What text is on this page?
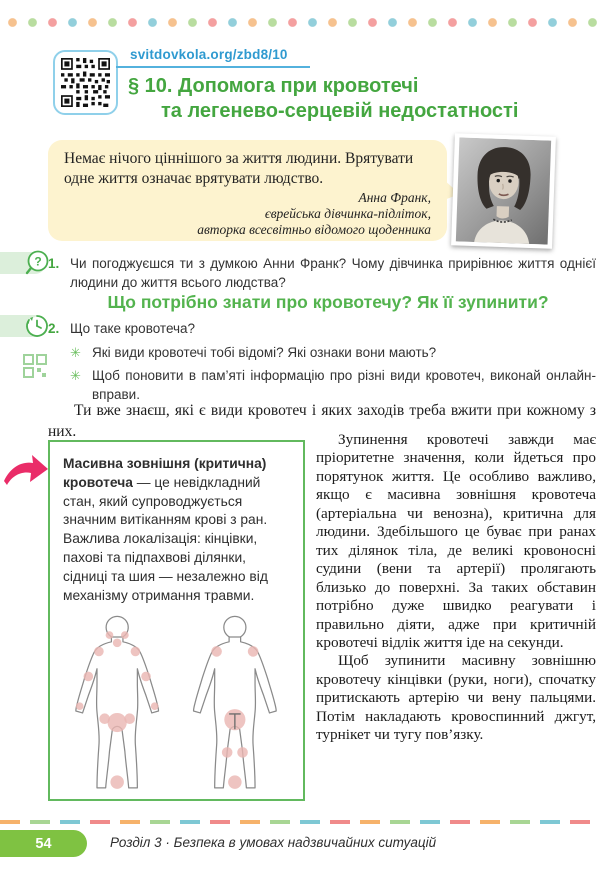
svitdovkola.org/zbd8/10
§ 10. Допомога при кровотечі
та легенево-серцевій недостатності
Немає нічого ціннішого за життя людини. Врятувати одне життя означає врятувати людство.
Анна Франк,
єврейська дівчинка-підліток,
авторка всесвітньо відомого щоденника
? 1. Чи погоджуєшся ти з думкою Анни Франк? Чому дівчинка прирівнює життя однієї людини до життя всього людства?
Що потрібно знати про кровотечу? Як її зупинити?
2. Що таке кровотеча?
✳ Які види кровотечі тобі відомі? Які ознаки вони мають?
✳ Щоб поновити в пам’яті інформацію про різні види кровотеч, виконай онлайн-вправи.
Ти вже знаєш, які є види кровотеч і яких заходів треба вжити при кожному з них.
Масивна зовнішня (критична) кровотеча — це невідкладний стан, який супроводжується значним витіканням крові з ран. Важлива локалізація: кінцівки, пахові та підпахвові ділянки, сідниці та шия — незалежно від механізму отримання травми.

Зупинення кровотечі завжди має пріоритетне значення, коли йдеться про порятунок життя. Це особливо важливо, якщо є масивна зовнішня кровотеча (артеріальна чи венозна), критична для людини. Здебільшого це буває при ранах тих ділянок тіла, де великі кровоносні судини (вени та артерії) пролягають близько до поверхні. За таких обставин потрібно дуже швидко реагувати і правильно діяти, адже при критичній кровотечі відлік життя іде на секунди.

Щоб зупинити масивну зовнішню кровотечу кінцівки (руки, ноги), спочатку притискають артерію чи вену пальцями. Потім накладають кровоспинний джгут, турнікет чи тугу пов’язку.

54	Розділ 3 · Безпека в умовах надзвичайних ситуацій
